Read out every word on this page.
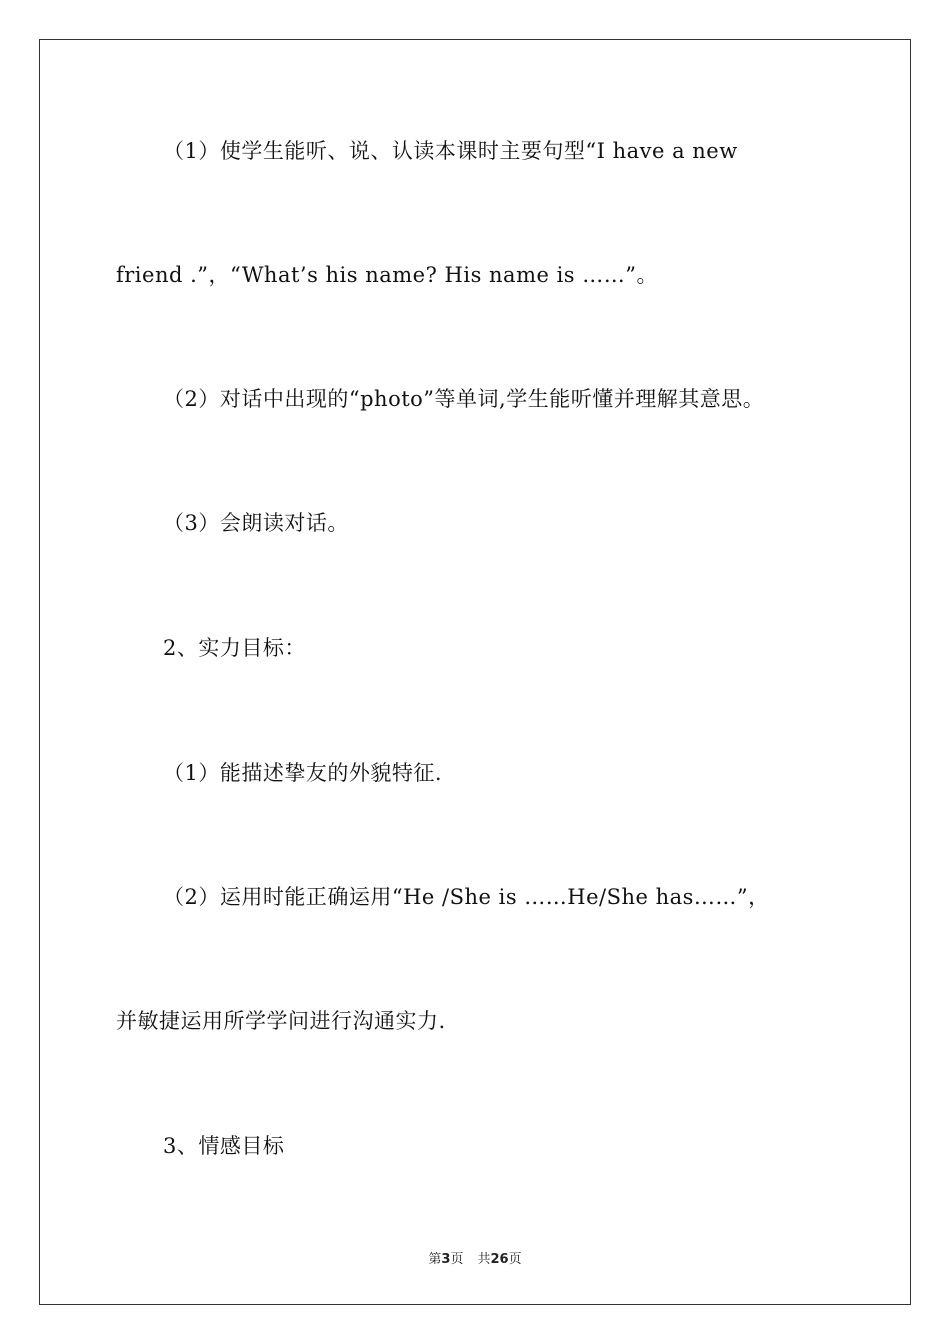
（1）使学生能听、说、认读本课时主要句型“I have a new
friend .”，“What’s his name? His name is ……”。
（2）对话中出现的“photo”等单词,学生能听懂并理解其意思。
（3）会朗读对话。
2、实力目标：
（1）能描述挚友的外貌特征.
（2）运用时能正确运用“He /She is ……He/She has……”，
并敏捷运用所学学问进行沟通实力.
3、情感目标
第3页 共26页
